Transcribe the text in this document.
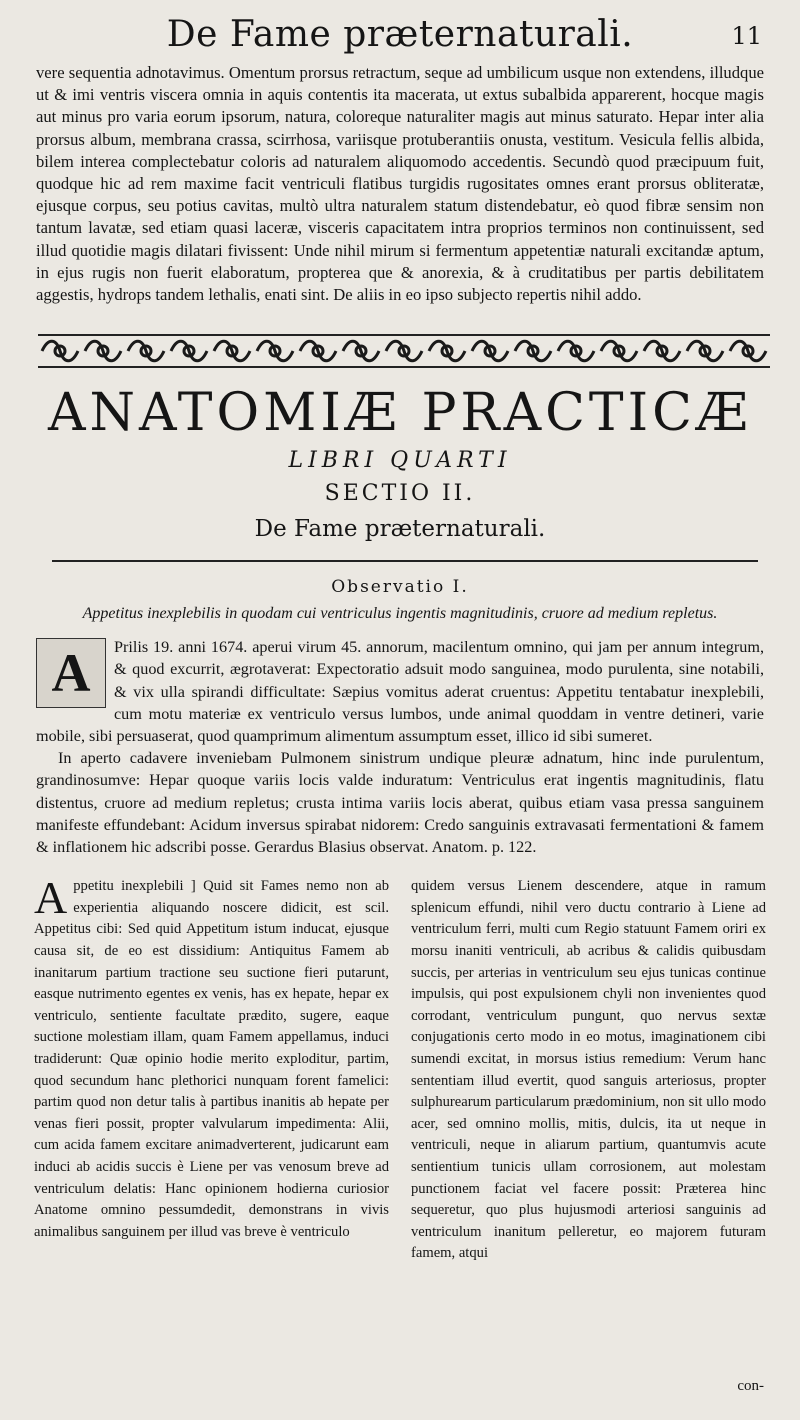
De Fame præternaturali.	11

vere sequentia adnotavimus. Omentum prorsus retractum, seque ad umbilicum usque non extendens, illudque ut & imi ventris viscera omnia in aquis contentis ita macerata, ut extus subalbida apparerent, hocque magis aut minus pro varia eorum ipsorum, natura, coloreque naturaliter magis aut minus saturato. Hepar inter alia prorsus album, membrana crassa, scirrhosa, variisque protuberantiis onusta, vestitum. Vesicula fellis albida, bilem interea complectebatur coloris ad naturalem aliquomodo accedentis. Secundò quod præcipuum fuit, quodque hic ad rem maxime facit ventriculi flatibus turgidis rugositates omnes erant prorsus obliteratæ, ejusque corpus, seu potius cavitas, multò ultra naturalem statum distendebatur, eò quod fibræ sensim non tantum lavatæ, sed etiam quasi laceræ, visceris capacitatem intra proprios terminos non continuissent, sed illud quotidie magis dilatari fivissent: Unde nihil mirum si fermentum appetentiæ naturali excitandæ aptum, in ejus rugis non fuerit elaboratum, propterea que & anorexia, & à cruditatibus per partis debilitatem aggestis, hydrops tandem lethalis, enati sint. De aliis in eo ipso subjecto repertis nihil addo.

ANATOMIÆ PRACTICÆ
LIBRI QUARTI
SECTIO II.
De Fame præternaturali.
Observatio I.
Appetitus inexplebilis in quodam cui ventriculus ingentis magnitudinis, cruore ad medium repletus.
A	Prilis 19. anni 1674. aperui virum 45. annorum, macilentum omnino, qui jam per annum integrum, & quod excurrit, ægrotaverat: Expectoratio adsuit modo sanguinea, modo purulenta, sine notabili, & vix ulla spirandi difficultate: Sæpius vomitus aderat cruentus: Appetitu tentabatur inexplebili, cum motu materiæ ex ventriculo versus lumbos, unde animal quoddam in ventre detineri, varie mobile, sibi persuaserat, quod quamprimum alimentum assumptum esset, illico id sibi sumeret.

In aperto cadavere inveniebam Pulmonem sinistrum undique pleuræ adnatum, hinc inde purulentum, grandinosumve: Hepar quoque variis locis valde induratum: Ventriculus erat ingentis magnitudinis, flatu distentus, cruore ad medium repletus; crusta intima variis locis aberat, quibus etiam vasa pressa sanguinem manifeste effundebant: Acidum inversus spirabat nidorem: Credo sanguinis extravasati fermentationi & famem & inflationem hic adscribi posse. Gerardus Blasius observat. Anatom. p. 122.

Appetitu inexplebili ] Quid sit Fames nemo non ab experientia aliquando noscere didicit, est scil. Appetitus cibi: Sed quid Appetitum istum inducat, ejusque causa sit, de eo est dissidium: Antiquitus Famem ab inanitarum partium tractione seu suctione fieri putarunt, easque nutrimento egentes ex venis, has ex hepate, hepar ex ventriculo, sentiente facultate prædito, sugere, eaque suctione molestiam illam, quam Famem appellamus, induci tradiderunt: Quæ opinio hodie merito exploditur, partim, quod secundum hanc plethorici nunquam forent famelici: partim quod non detur talis à partibus inanitis ab hepate per venas fieri possit, propter valvularum impedimenta: Alii, cum acida famem excitare animadverterent, judicarunt eam induci ab acidis succis è Liene per vas venosum breve ad ventriculum delatis: Hanc opinionem hodierna curiosior Anatome omnino pessumdedit, demonstrans in vivis animalibus sanguinem per illud vas breve è ventriculo

quidem versus Lienem descendere, atque in ramum splenicum effundi, nihil vero ductu contrario à Liene ad ventriculum ferri, multi cum Regio statuunt Famem oriri ex morsu inaniti ventriculi, ab acribus & calidis quibusdam succis, per arterias in ventriculum seu ejus tunicas continue impulsis, qui post expulsionem chyli non invenientes quod corrodant, ventriculum pungunt, quo nervus sextæ conjugationis certo modo in eo motus, imaginationem cibi sumendi excitat, in morsus istius remedium: Verum hanc sententiam illud evertit, quod sanguis arteriosus, propter sulphurearum particularum prædominium, non sit ullo modo acer, sed omnino mollis, mitis, dulcis, ita ut neque in ventriculi, neque in aliarum partium, quantumvis acute sentientium tunicis ullam corrosionem, aut molestam punctionem faciat vel facere possit: Præterea hinc sequeretur, quo plus hujusmodi arteriosi sanguinis ad ventriculum inanitum pelleretur, eo majorem futuram famem, atqui

con-
